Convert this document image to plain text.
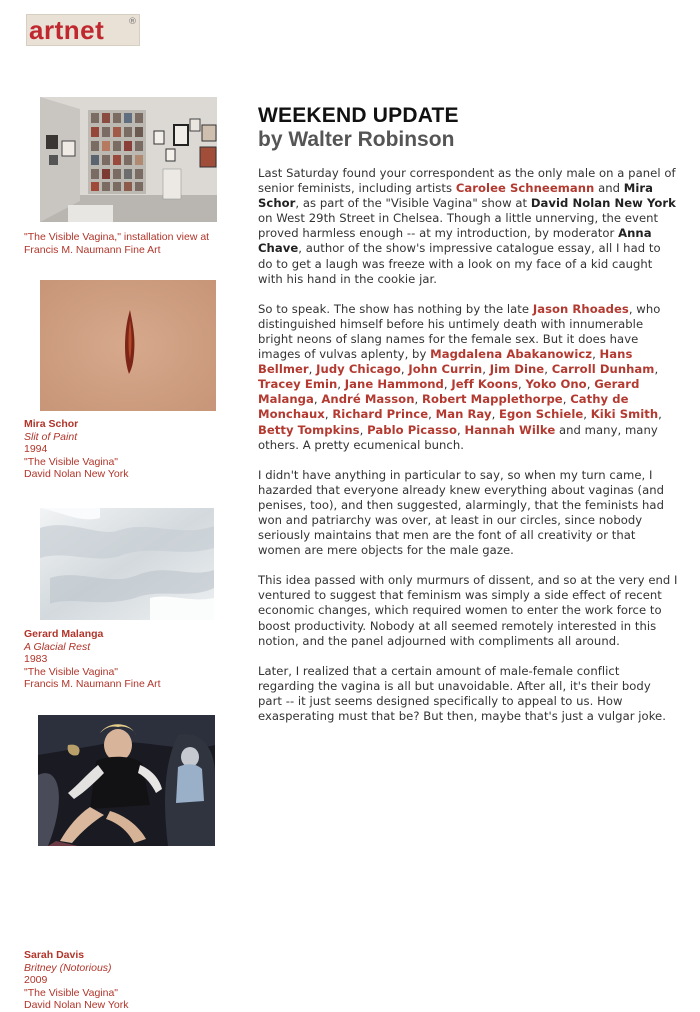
artnet	®
"The Visible Vagina," installation view at
Francis M. Naumann Fine Art
Mira Schor
Slit of Paint
1994
"The Visible Vagina"
David Nolan New York
Gerard Malanga
A Glacial Rest
1983
"The Visible Vagina"
Francis M. Naumann Fine Art
Sarah Davis
Britney (Notorious)
2009
"The Visible Vagina"
David Nolan New York
WEEKEND UPDATE
by Walter Robinson

Last Saturday found your correspondent as the only male on a panel of senior feminists, including artists Carolee Schneemann and Mira Schor, as part of the "Visible Vagina" show at David Nolan New York on West 29th Street in Chelsea. Though a little unnerving, the event proved harmless enough -- at my introduction, by moderator Anna Chave, author of the show's impressive catalogue essay, all I had to do to get a laugh was freeze with a look on my face of a kid caught with his hand in the cookie jar.

So to speak. The show has nothing by the late Jason Rhoades, who distinguished himself before his untimely death with innumerable bright neons of slang names for the female sex. But it does have images of vulvas aplenty, by Magdalena Abakanowicz, Hans Bellmer, Judy Chicago, John Currin, Jim Dine, Carroll Dunham, Tracey Emin, Jane Hammond, Jeff Koons, Yoko Ono, Gerard Malanga, André Masson, Robert Mapplethorpe, Cathy de Monchaux, Richard Prince, Man Ray, Egon Schiele, Kiki Smith, Betty Tompkins, Pablo Picasso, Hannah Wilke and many, many others. A pretty ecumenical bunch.

I didn't have anything in particular to say, so when my turn came, I hazarded that everyone already knew everything about vaginas (and penises, too), and then suggested, alarmingly, that the feminists had won and patriarchy was over, at least in our circles, since nobody seriously maintains that men are the font of all creativity or that women are mere objects for the male gaze.

This idea passed with only murmurs of dissent, and so at the very end I ventured to suggest that feminism was simply a side effect of recent economic changes, which required women to enter the work force to boost productivity. Nobody at all seemed remotely interested in this notion, and the panel adjourned with compliments all around.

Later, I realized that a certain amount of male-female conflict regarding the vagina is all but unavoidable. After all, it's their body part -- it just seems designed specifically to appeal to us. How exasperating must that be? But then, maybe that's just a vulgar joke.
